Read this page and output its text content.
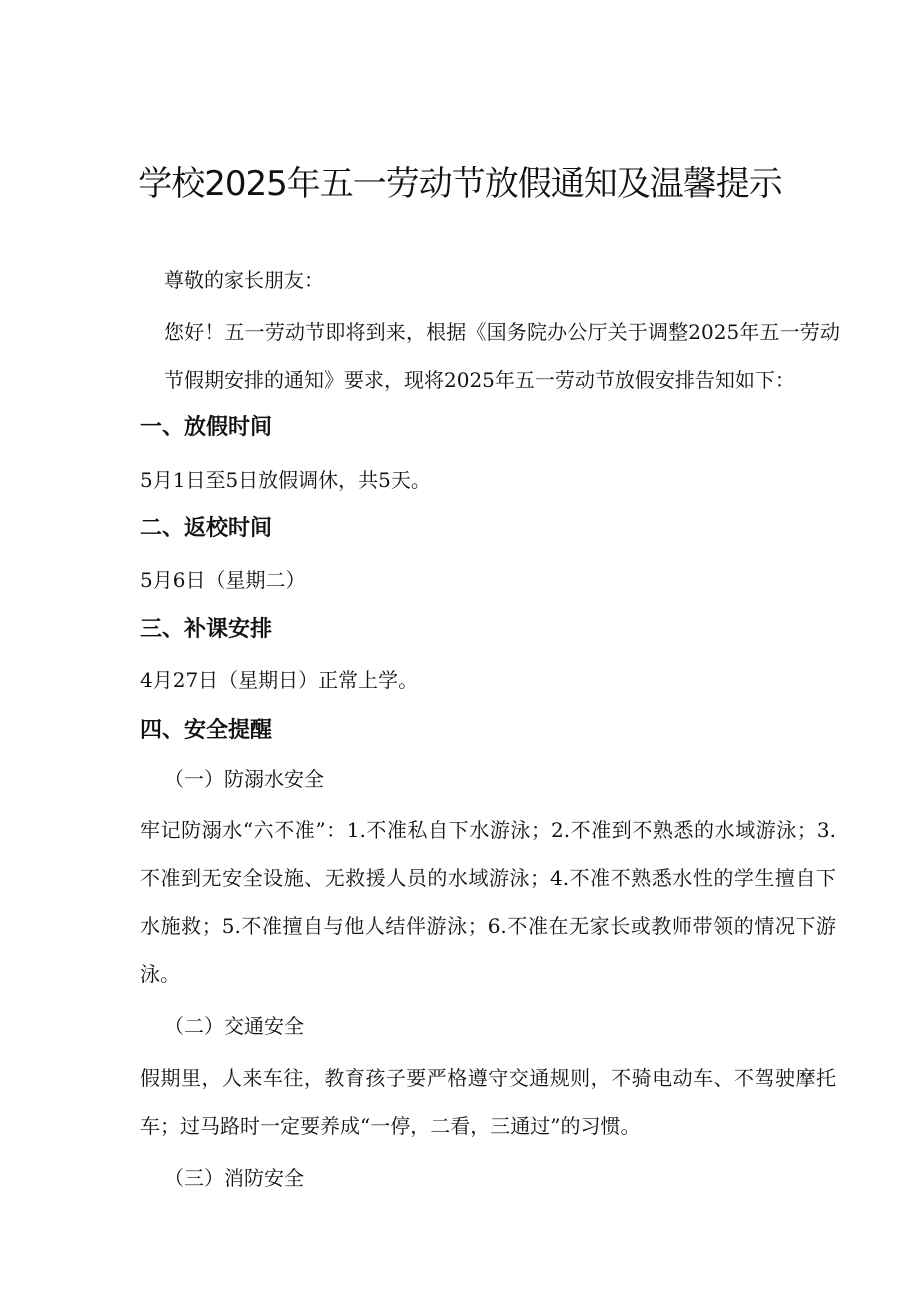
学校2025年五一劳动节放假通知及温馨提示

尊敬的家长朋友：

您好！五一劳动节即将到来，根据《国务院办公厅关于调整2025年五一劳动节假期安排的通知》要求，现将2025年五一劳动节放假安排告知如下：

一、放假时间

5月1日至5日放假调休，共5天。

二、返校时间

5月6日（星期二）

三、补课安排

4月27日（星期日）正常上学。

四、安全提醒

（一）防溺水安全

牢记防溺水“六不准”：1.不准私自下水游泳；2.不准到不熟悉的水域游泳；3.不准到无安全设施、无救援人员的水域游泳；4.不准不熟悉水性的学生擅自下水施救；5.不准擅自与他人结伴游泳；6.不准在无家长或教师带领的情况下游泳。

（二）交通安全

假期里，人来车往，教育孩子要严格遵守交通规则，不骑电动车、不驾驶摩托车；过马路时一定要养成“一停，二看，三通过”的习惯。

（三）消防安全
